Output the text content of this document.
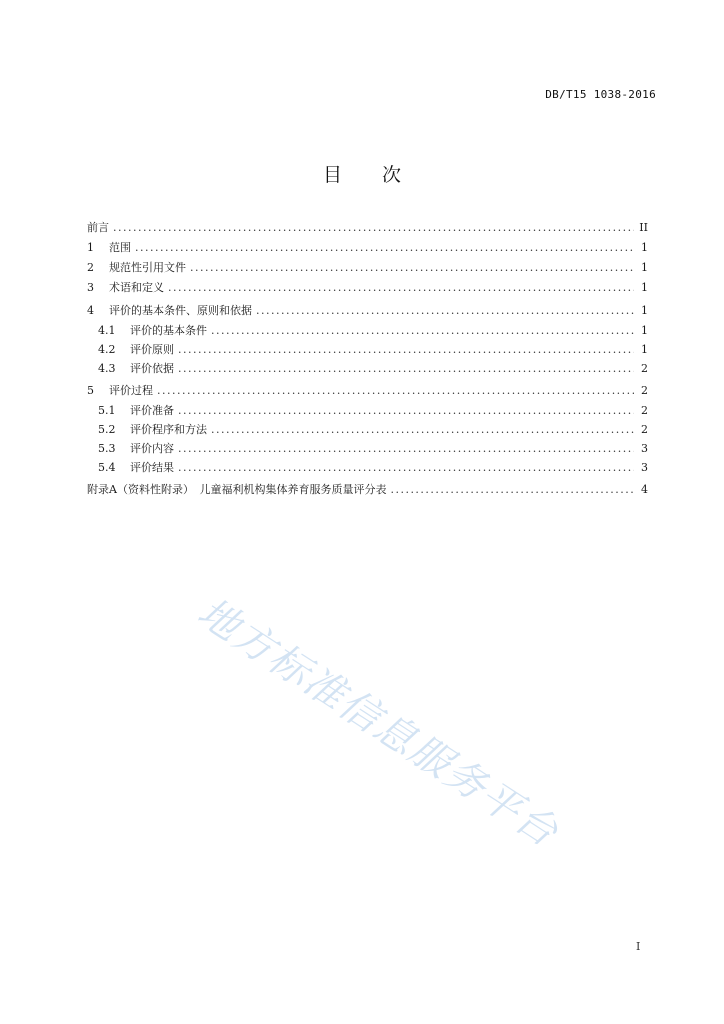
DB/T15 1038-2016
目次
前言 .....	II
1	范围 .....	1
2	规范性引用文件 .....	1
3	术语和定义 .....	1
4	评价的基本条件、原则和依据 .....	1
4.1	评价的基本条件 .....	1
4.2	评价原则 .....	1
4.3	评价依据 .....	2
5	评价过程 .....	2
5.1	评价准备 .....	2
5.2	评价程序和方法 .....	2
5.3	评价内容 .....	3
5.4	评价结果 .....	3
附录A（资料性附录）　儿童福利机构集体养育服务质量评分表 .....	4
地方标准信息服务平台
I
